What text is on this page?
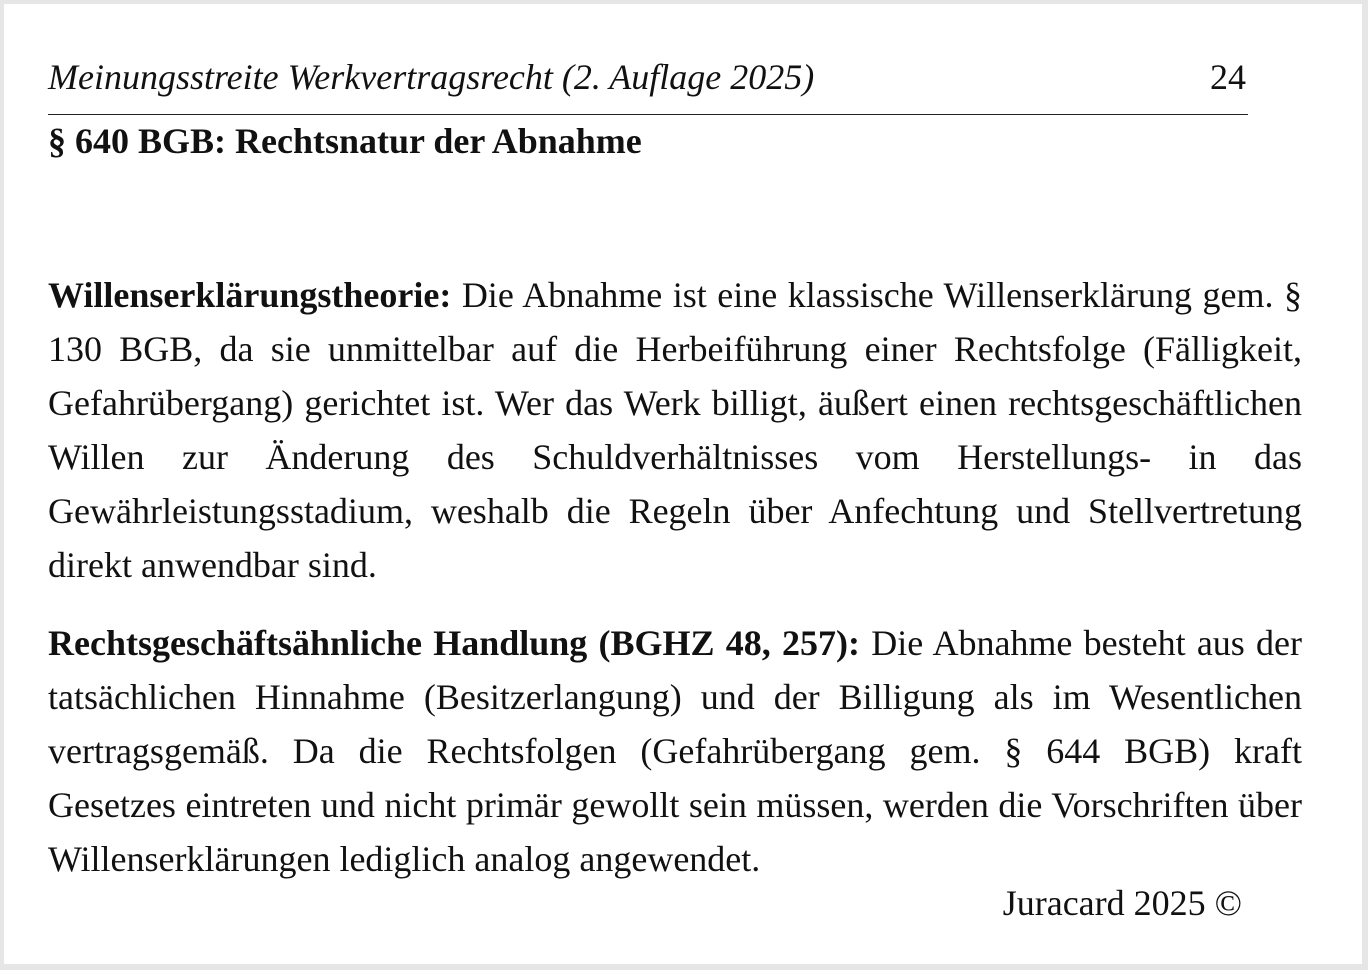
Meinungsstreite Werkvertragsrecht (2. Auflage 2025)	24
§ 640 BGB: Rechtsnatur der Abnahme

Willenserklärungstheorie: Die Abnahme ist eine klassische Willenserklärung gem. § 130 BGB, da sie unmittelbar auf die Herbeiführung einer Rechtsfolge (Fälligkeit, Gefahrübergang) gerichtet ist. Wer das Werk billigt, äußert einen rechtsgeschäftlichen Willen zur Änderung des Schuldverhältnisses vom Herstellungs- in das Gewährleistungsstadium, weshalb die Regeln über Anfechtung und Stellvertretung direkt anwendbar sind.

Rechtsgeschäftsähnliche Handlung (BGHZ 48, 257): Die Abnahme besteht aus der tatsächlichen Hinnahme (Besitzerlangung) und der Billigung als im Wesentlichen vertragsgemäß. Da die Rechtsfolgen (Gefahrübergang gem. § 644 BGB) kraft Gesetzes eintreten und nicht primär gewollt sein müssen, werden die Vorschriften über Willenserklärungen lediglich analog angewendet.

Juracard 2025 ©
